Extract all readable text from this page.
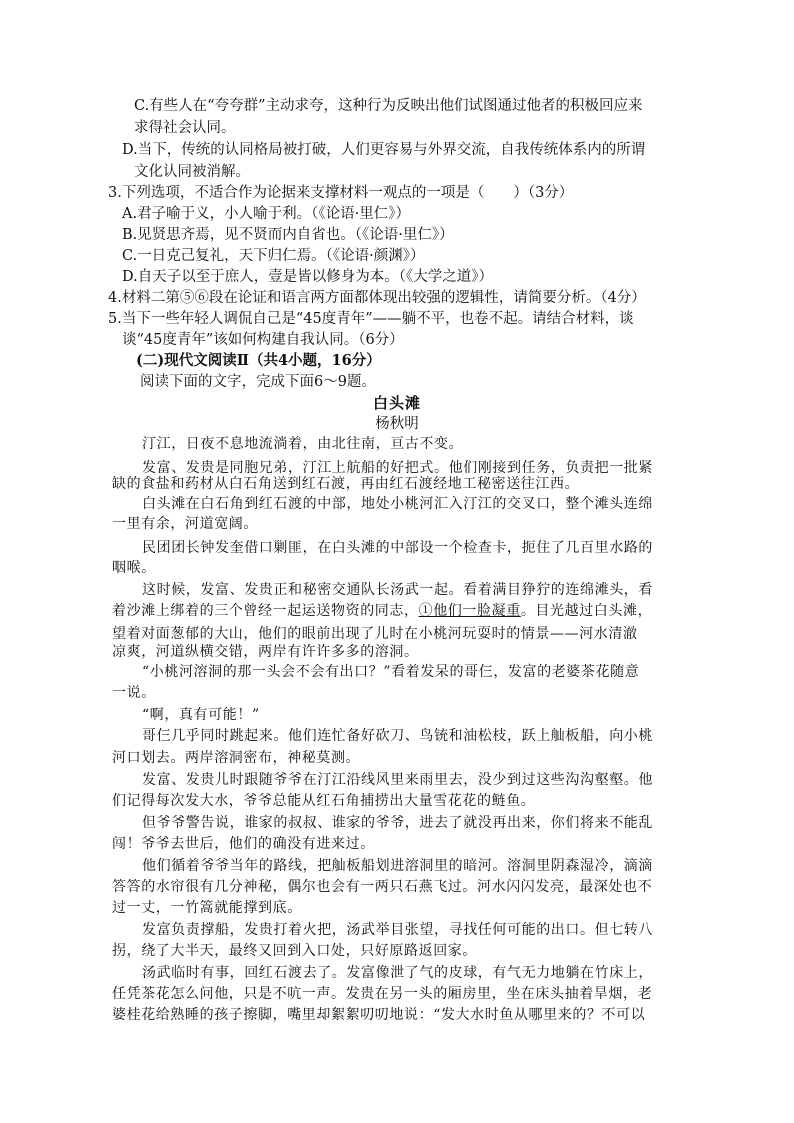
C.有些人在“夸夸群”主动求夸，这种行为反映出他们试图通过他者的积极回应来
求得社会认同。
D.当下，传统的认同格局被打破，人们更容易与外界交流，自我传统体系内的所谓
文化认同被消解。
3.下列选项，不适合作为论据来支撑材料一观点的一项是（　　）（3分）
A.君子喻于义，小人喻于利。（《论语·里仁》）
B.见贤思齐焉，见不贤而内自省也。（《论语·里仁》）
C.一日克己复礼，天下归仁焉。（《论语·颜渊》）
D.自天子以至于庶人，壹是皆以修身为本。（《大学之道》）
4.材料二第⑤⑥段在论证和语言两方面都体现出较强的逻辑性，请简要分析。（4分）
5.当下一些年轻人调侃自己是“45度青年”——躺不平，也卷不起。请结合材料，谈
谈“45度青年”该如何构建自我认同。（6分）
(二)现代文阅读Ⅱ（共4小题，16分）
阅读下面的文字，完成下面6～9题。
白头滩
杨秋明
汀江，日夜不息地流淌着，由北往南，亘古不变。
发富、发贵是同胞兄弟，汀江上航船的好把式。他们刚接到任务，负责把一批紧
缺的食盐和药材从白石角送到红石渡，再由红石渡经地工秘密送往江西。
白头滩在白石角到红石渡的中部，地处小桃河汇入汀江的交叉口，整个滩头连绵
一里有余，河道宽阔。
民团团长钟发奎借口剿匪，在白头滩的中部设一个检查卡，扼住了几百里水路的
咽喉。
这时候，发富、发贵正和秘密交通队长汤武一起。看着满目狰狞的连绵滩头，看
着沙滩上绑着的三个曾经一起运送物资的同志，①他们一脸凝重。目光越过白头滩，
望着对面葱郁的大山，他们的眼前出现了儿时在小桃河玩耍时的情景——河水清澈
凉爽，河道纵横交错，两岸有许许多多的溶洞。
“小桃河溶洞的那一头会不会有出口？”看着发呆的哥仨，发富的老婆茶花随意
一说。
“啊，真有可能！”
哥仨几乎同时跳起来。他们连忙备好砍刀、鸟铳和油松枝，跃上舢板船，向小桃
河口划去。两岸溶洞密布，神秘莫测。
发富、发贵儿时跟随爷爷在汀江沿线风里来雨里去，没少到过这些沟沟壑壑。他
们记得每次发大水，爷爷总能从红石角捕捞出大量雪花花的鲢鱼。
但爷爷警告说，谁家的叔叔、谁家的爷爷，进去了就没再出来，你们将来不能乱
闯！爷爷去世后，他们的确没有进来过。
他们循着爷爷当年的路线，把舢板船划进溶洞里的暗河。溶洞里阴森湿冷，滴滴
答答的水帘很有几分神秘，偶尔也会有一两只石燕飞过。河水闪闪发亮，最深处也不
过一丈，一竹篙就能撑到底。
发富负责撑船，发贵打着火把，汤武举目张望，寻找任何可能的出口。但七转八
拐，绕了大半天，最终又回到入口处，只好原路返回家。
汤武临时有事，回红石渡去了。发富像泄了气的皮球，有气无力地躺在竹床上，
任凭茶花怎么问他，只是不吭一声。发贵在另一头的厢房里，坐在床头抽着旱烟，老
婆桂花给熟睡的孩子擦脚，嘴里却絮絮叨叨地说：“发大水时鱼从哪里来的？不可以
